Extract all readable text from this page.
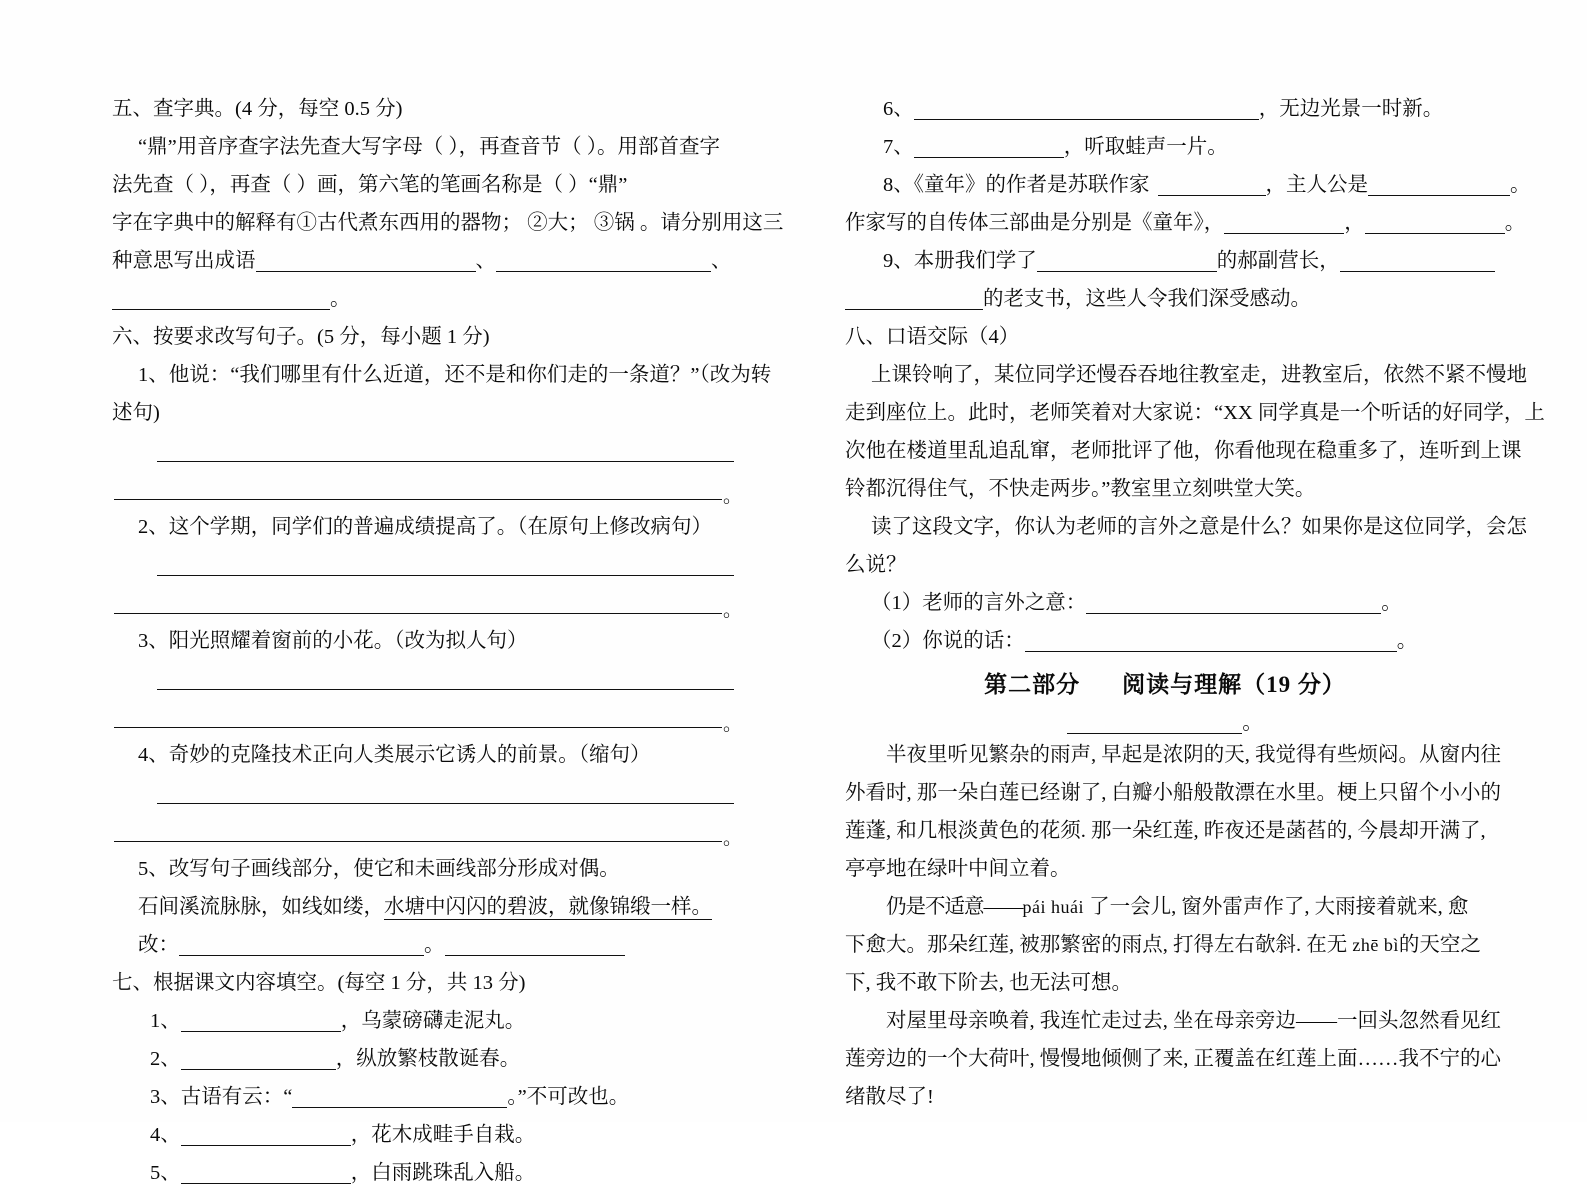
五、查字典。(4 分，每空 0.5 分)
“鼎”用音序查字法先查大写字母（ ），再查音节（ ）。用部首查字
法先查（ ），再查（ ）画，第六笔的笔画名称是（ ）“鼎”
字在字典中的解释有①古代煮东西用的器物； ②大； ③锅 。请分别用这三
种意思写出成语	、	、
。
六、按要求改写句子。(5 分，每小题 1 分)
1、他说：“我们哪里有什么近道，还不是和你们走的一条道？”（改为转
述句)
。
2、这个学期，同学们的普遍成绩提高了。（在原句上修改病句）
。
3、阳光照耀着窗前的小花。（改为拟人句）
。
4、奇妙的克隆技术正向人类展示它诱人的前景。（缩句）
。
5、改写句子画线部分，使它和未画线部分形成对偶。
石间溪流脉脉，如线如缕，水塘中闪闪的碧波，就像锦缎一样。
改：	。
七、根据课文内容填空。(每空 1 分，共 13 分)
1、	，乌蒙磅礴走泥丸。
2、	，纵放繁枝散诞春。
3、古语有云：“	。”不可改也。
4、	，花木成畦手自栽。
5、	，白雨跳珠乱入船。
6、	，无边光景一时新。
7、	，听取蛙声一片。
8、《童年》的作者是苏联作家	，主人公是	。
作家写的自传体三部曲是分别是《童年》，	，	。
9、本册我们学了	的郝副营长，
的老支书，这些人令我们深受感动。
八、口语交际（4）
上课铃响了，某位同学还慢吞吞地往教室走，进教室后，依然不紧不慢地
走到座位上。此时，老师笑着对大家说：“XX 同学真是一个听话的好同学，上
次他在楼道里乱追乱窜，老师批评了他，你看他现在稳重多了，连听到上课
铃都沉得住气，不快走两步。”教室里立刻哄堂大笑。
读了这段文字，你认为老师的言外之意是什么？如果你是这位同学，会怎
么说？
（1）老师的言外之意：	。
（2）你说的话：	。
第二部分 阅读与理解（19 分）
。
半夜里听见繁杂的雨声, 早起是浓阴的天, 我觉得有些烦闷。从窗内往
外看时, 那一朵白莲已经谢了, 白瓣小船般散漂在水里。梗上只留个小小的
莲蓬, 和几根淡黄色的花须. 那一朵红莲, 昨夜还是菡萏的, 今晨却开满了,
亭亭地在绿叶中间立着。
仍是不适意——pái huái 了一会儿, 窗外雷声作了, 大雨接着就来, 愈
下愈大。那朵红莲, 被那繁密的雨点, 打得左右欹斜. 在无 zhē bì的天空之
下, 我不敢下阶去, 也无法可想。
对屋里母亲唤着, 我连忙走过去, 坐在母亲旁边——一回头忽然看见红
莲旁边的一个大荷叶, 慢慢地倾侧了来, 正覆盖在红莲上面……我不宁的心
绪散尽了!
